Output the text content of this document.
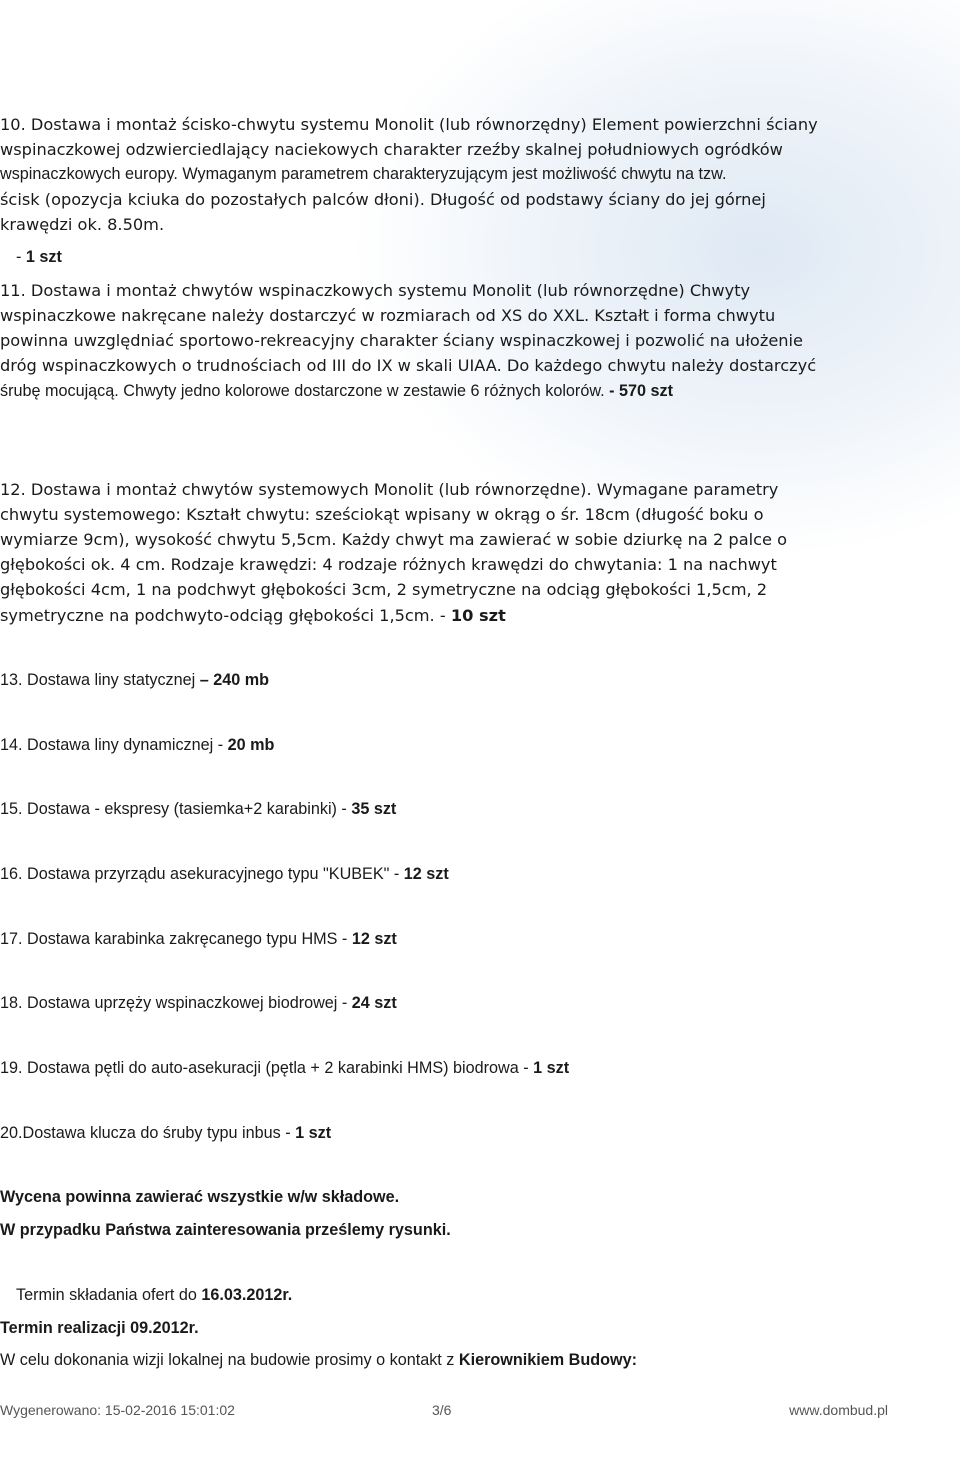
10. Dostawa i montaż ścisko-chwytu systemu Monolit (lub równorzędny) Element powierzchni ściany
wspinaczkowej odzwierciedlający naciekowych charakter rzeźby skalnej południowych ogródków
wspinaczkowych europy. Wymaganym parametrem charakteryzującym jest możliwość chwytu na tzw.
ścisk (opozycja kciuka do pozostałych palców dłoni). Długość od podstawy ściany do jej górnej
krawędzi ok. 8.50m.
- 1 szt
11. Dostawa i montaż chwytów wspinaczkowych systemu Monolit (lub równorzędne) Chwyty
wspinaczkowe nakręcane należy dostarczyć w rozmiarach od XS do XXL. Kształt i forma chwytu
powinna uwzględniać sportowo-rekreacyjny charakter ściany wspinaczkowej i pozwolić na ułożenie
dróg wspinaczkowych o trudnościach od III do IX w skali UIAA. Do każdego chwytu należy dostarczyć
śrubę mocującą. Chwyty jedno kolorowe dostarczone w zestawie 6 różnych kolorów. - 570 szt
12. Dostawa i montaż chwytów systemowych Monolit (lub równorzędne). Wymagane parametry
chwytu systemowego: Kształt chwytu: sześciokąt wpisany w okrąg o śr. 18cm (długość boku o
wymiarze 9cm), wysokość chwytu 5,5cm. Każdy chwyt ma zawierać w sobie dziurkę na 2 palce o
głębokości ok. 4 cm. Rodzaje krawędzi: 4 rodzaje różnych krawędzi do chwytania: 1 na nachwyt
głębokości 4cm, 1 na podchwyt głębokości 3cm, 2 symetryczne na odciąg głębokości 1,5cm, 2
symetryczne na podchwyto-odciąg głębokości 1,5cm. - 10 szt
13. Dostawa liny statycznej – 240 mb
14. Dostawa liny dynamicznej - 20 mb
15. Dostawa - ekspresy (tasiemka+2 karabinki) - 35 szt
16. Dostawa przyrządu asekuracyjnego typu "KUBEK" - 12 szt
17. Dostawa karabinka zakręcanego typu HMS - 12 szt
18. Dostawa uprzęży wspinaczkowej biodrowej - 24 szt
19. Dostawa pętli do auto-asekuracji (pętla + 2 karabinki HMS) biodrowa - 1 szt
20.Dostawa klucza do śruby typu inbus - 1 szt
Wycena powinna zawierać wszystkie w/w składowe.
W przypadku Państwa zainteresowania prześlemy rysunki.
Termin składania ofert do 16.03.2012r.
Termin realizacji 09.2012r.
W celu dokonania wizji lokalnej na budowie prosimy o kontakt z Kierownikiem Budowy:
Wygenerowano: 15-02-2016 15:01:02	3/6	www.dombud.pl
